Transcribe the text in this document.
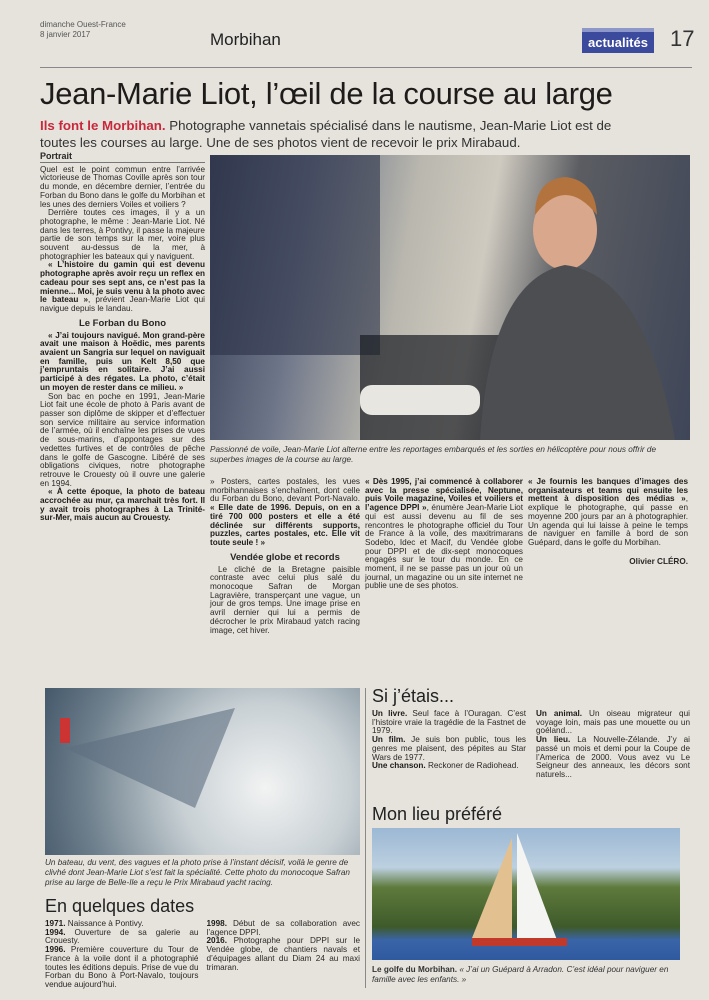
dimanche Ouest-France
8 janvier 2017	Morbihan	actualités 17
Jean-Marie Liot, l’œil de la course au large
Ils font le Morbihan. Photographe vannetais spécialisé dans le nautisme, Jean-Marie Liot est de toutes les courses au large. Une de ses photos vient de recevoir le prix Mirabaud.
Portrait

Quel est le point commun entre l’arrivée victorieuse de Thomas Coville après son tour du monde, en décembre dernier, l’entrée du Forban du Bono dans le golfe du Morbihan et les unes des derniers Voiles et voiliers ?

Derrière toutes ces images, il y a un photographe, le même : Jean-Marie Liot. Né dans les terres, à Pontivy, il passe la majeure partie de son temps sur la mer, voire plus souvent au-dessus de la mer, à photographier les bateaux qui y naviguent.

« L’histoire du gamin qui est devenu photographe après avoir reçu un reflex en cadeau pour ses sept ans, ce n’est pas la mienne... Moi, je suis venu à la photo avec le bateau », prévient Jean-Marie Liot qui navigue depuis le landau.

Le Forban du Bono

« J’ai toujours navigué. Mon grand-père avait une maison à Hoëdic, mes parents avaient un Sangria sur lequel on naviguait en famille, puis un Kelt 8,50 que j’empruntais en solitaire. J’ai aussi participé à des régates. La photo, c’était un moyen de rester dans ce milieu. »

Son bac en poche en 1991, Jean-Marie Liot fait une école de photo à Paris avant de passer son diplôme de skipper et d’effectuer son service militaire au service information de l’armée, où il enchaîne les prises de vues de sous-marins, d’appontages sur des vedettes furtives et de contrôles de pêche dans le golfe de Gascogne. Libéré de ses obligations civiques, notre photographe retrouve le Crouesty où il ouvre une galerie en 1994.

« À cette époque, la photo de bateau accrochée au mur, ça marchait très fort. Il y avait trois photographes à La Trinité-sur-Mer, mais aucun au Crouesty.

Passionné de voile, Jean-Marie Liot alterne entre les reportages embarqués et les sorties en hélicoptère pour nous offrir de superbes images de la course au large.

» Posters, cartes postales, les vues morbihannaises s’enchaînent, dont celle du Forban du Bono, devant Port-Navalo. « Elle date de 1996. Depuis, on en a tiré 700 000 posters et elle a été déclinée sur différents supports, puzzles, cartes postales, etc. Elle vit toute seule ! »

Vendée globe et records

Le cliché de la Bretagne paisible contraste avec celui plus salé du monocoque Safran de Morgan Lagravière, transperçant une vague, un jour de gros temps. Une image prise en avril dernier qui lui a permis de décrocher le prix Mirabaud yatch racing image, cet hiver.

« Dès 1995, j’ai commencé à collaborer avec la presse spécialisée, Neptune, puis Voile magazine, Voiles et voiliers et l’agence DPPI », énumère Jean-Marie Liot qui est aussi devenu au fil de ses rencontres le photographe officiel du Tour de France à la voile, des maxitrimarans Sodebo, Idec et Macif, du Vendée globe pour DPPI et de dix-sept monocoques engagés sur le tour du monde. En ce moment, il ne se passe pas un jour où un journal, un magazine ou un site internet ne publie une de ses photos.

« Je fournis les banques d’images des organisateurs et teams qui ensuite les mettent à disposition des médias », explique le photographe, qui passe en moyenne 200 jours par an à photographier. Un agenda qui lui laisse à peine le temps de naviguer en famille à bord de son Guépard, dans le golfe du Morbihan.

Olivier CLÉRO.
Un bateau, du vent, des vagues et la photo prise à l’instant décisif, voilà le genre de clivhé dont Jean-Marie Liot s’est fait la spécialité. Cette photo du monocoque Safran prise au large de Belle-Ile a reçu le Prix Mirabaud yacht racing.
En quelques dates
1971. Naissance à Pontivy.
1994. Ouverture de sa galerie au Crouesty.
1996. Première couverture du Tour de France à la voile dont il a photographié toutes les éditions depuis. Prise de vue du Forban du Bono à Port-Navalo, toujours vendue aujourd’hui.
1998. Début de sa collaboration avec l’agence DPPI.
2016. Photographe pour DPPI sur le Vendée globe, de chantiers navals et d’équipages allant du Diam 24 au maxi trimaran.
Si j’étais...
Un livre. Seul face à l’Ouragan. C’est l’histoire vraie la tragédie de la Fastnet de 1979.
Un film. Je suis bon public, tous les genres me plaisent, des pépites au Star Wars de 1977.
Une chanson. Reckoner de Radiohead.
Un animal. Un oiseau migrateur qui voyage loin, mais pas une mouette ou un goéland...
Un lieu. La Nouvelle-Zélande. J’y ai passé un mois et demi pour la Coupe de l’America de 2000. Vous avez vu Le Seigneur des anneaux, les décors sont naturels...
Mon lieu préféré
Le golfe du Morbihan. « J’ai un Guépard à Arradon. C’est idéal pour naviguer en famille avec les enfants. »
